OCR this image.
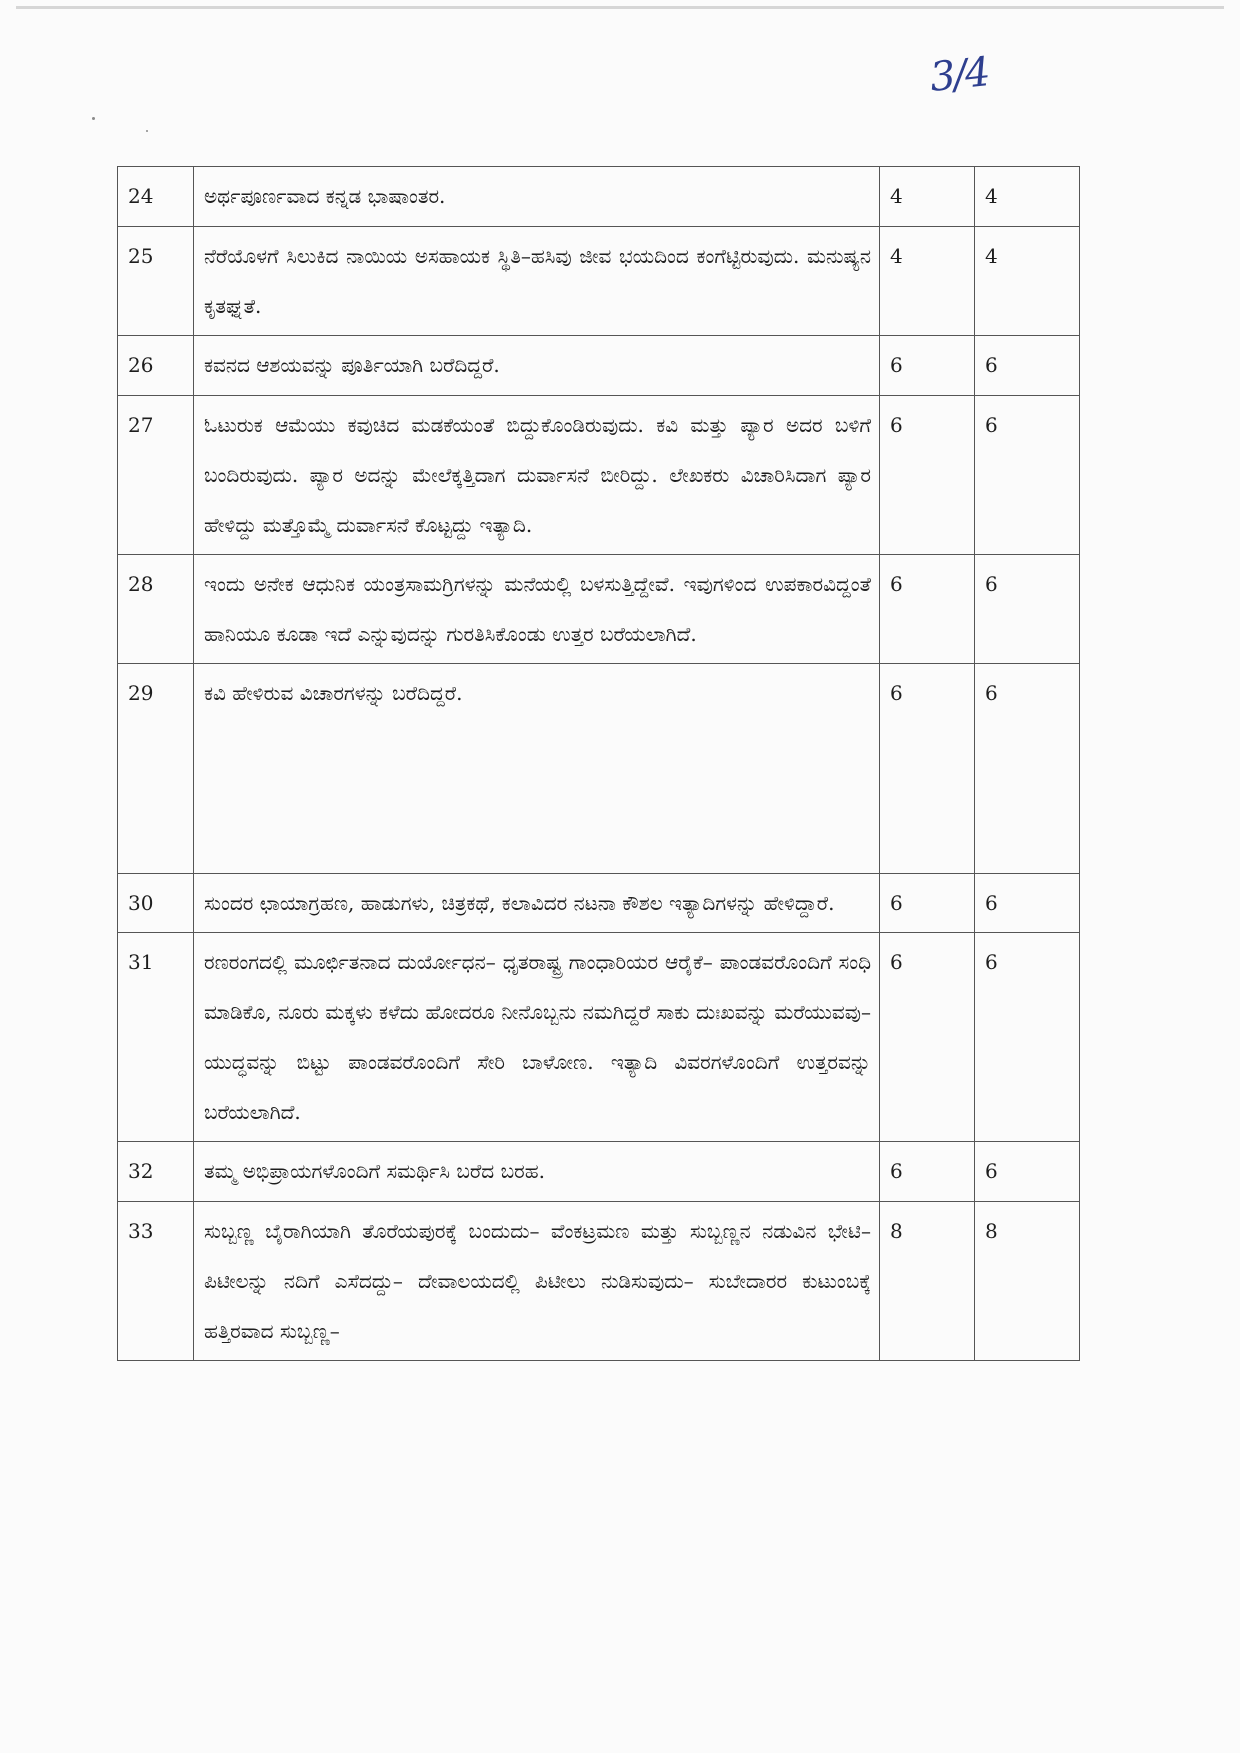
3/4
24	ಅರ್ಥಪೂರ್ಣವಾದ ಕನ್ನಡ ಭಾಷಾಂತರ.	4	4
25	ನೆರೆಯೊಳಗೆ ಸಿಲುಕಿದ ನಾಯಿಯ ಅಸಹಾಯಕ ಸ್ಥಿತಿ–ಹಸಿವು ಜೀವ ಭಯದಿಂದ ಕಂಗೆಟ್ಟಿರುವುದು. ಮನುಷ್ಯನ ಕೃತಘ್ನತೆ.	4	4
26	ಕವನದ ಆಶಯವನ್ನು ಪೂರ್ತಿಯಾಗಿ ಬರೆದಿದ್ದರೆ.	6	6
27	ಓಟುರುಕ ಆಮೆಯು ಕವುಚಿದ ಮಡಕೆಯಂತೆ ಬಿದ್ದುಕೊಂಡಿರುವುದು. ಕವಿ ಮತ್ತು ಪ್ಯಾರ ಅದರ ಬಳಿಗೆ ಬಂದಿರುವುದು. ಪ್ಯಾರ ಅದನ್ನು ಮೇಲೆಕ್ಕತ್ತಿದಾಗ ದುರ್ವಾಸನೆ ಬೀರಿದ್ದು. ಲೇಖಕರು ವಿಚಾರಿಸಿದಾಗ ಪ್ಯಾರ ಹೇಳಿದ್ದು ಮತ್ತೊಮ್ಮೆ ದುರ್ವಾಸನೆ ಕೊಟ್ಟದ್ದು ಇತ್ಯಾದಿ.	6	6
28	ಇಂದು ಅನೇಕ ಆಧುನಿಕ ಯಂತ್ರಸಾಮಗ್ರಿಗಳನ್ನು ಮನೆಯಲ್ಲಿ ಬಳಸುತ್ತಿದ್ದೇವೆ. ಇವುಗಳಿಂದ ಉಪಕಾರವಿದ್ದಂತೆ ಹಾನಿಯೂ ಕೂಡಾ ಇದೆ ಎನ್ನುವುದನ್ನು ಗುರತಿಸಿಕೊಂಡು ಉತ್ತರ ಬರೆಯಲಾಗಿದೆ.	6	6
29	ಕವಿ ಹೇಳಿರುವ ವಿಚಾರಗಳನ್ನು ಬರೆದಿದ್ದರೆ.	6	6
30	ಸುಂದರ ಛಾಯಾಗ್ರಹಣ, ಹಾಡುಗಳು, ಚಿತ್ರಕಥೆ, ಕಲಾವಿದರ ನಟನಾ ಕೌಶಲ ಇತ್ಯಾದಿಗಳನ್ನು ಹೇಳಿದ್ದಾರೆ.	6	6
31	ರಣರಂಗದಲ್ಲಿ ಮೂರ್ಛಿತನಾದ ದುರ್ಯೋಧನ– ಧೃತರಾಷ್ಟ್ರ ಗಾಂಧಾರಿಯರ ಆರೈಕೆ– ಪಾಂಡವರೊಂದಿಗೆ ಸಂಧಿ ಮಾಡಿಕೊ, ನೂರು ಮಕ್ಕಳು ಕಳೆದು ಹೋದರೂ ನೀನೊಬ್ಬನು ನಮಗಿದ್ದರೆ ಸಾಕು ದುಃಖವನ್ನು ಮರೆಯುವವು– ಯುದ್ಧವನ್ನು ಬಿಟ್ಟು ಪಾಂಡವರೊಂದಿಗೆ ಸೇರಿ ಬಾಳೋಣ. ಇತ್ಯಾದಿ ವಿವರಗಳೊಂದಿಗೆ ಉತ್ತರವನ್ನು ಬರೆಯಲಾಗಿದೆ.	6	6
32	ತಮ್ಮ ಅಭಿಪ್ರಾಯಗಳೊಂದಿಗೆ ಸಮರ್ಥಿಸಿ ಬರೆದ ಬರಹ.	6	6
33	ಸುಬ್ಬಣ್ಣ ಬೈರಾಗಿಯಾಗಿ ತೊರೆಯಪುರಕ್ಕೆ ಬಂದುದು– ವೆಂಕಟ್ರಮಣ ಮತ್ತು ಸುಬ್ಬಣ್ಣನ ನಡುವಿನ ಭೇಟಿ– ಪಿಟೀಲನ್ನು ನದಿಗೆ ಎಸೆದದ್ದು– ದೇವಾಲಯದಲ್ಲಿ ಪಿಟೀಲು ನುಡಿಸುವುದು– ಸುಬೇದಾರರ ಕುಟುಂಬಕ್ಕೆ ಹತ್ತಿರವಾದ ಸುಬ್ಬಣ್ಣ–	8	8
